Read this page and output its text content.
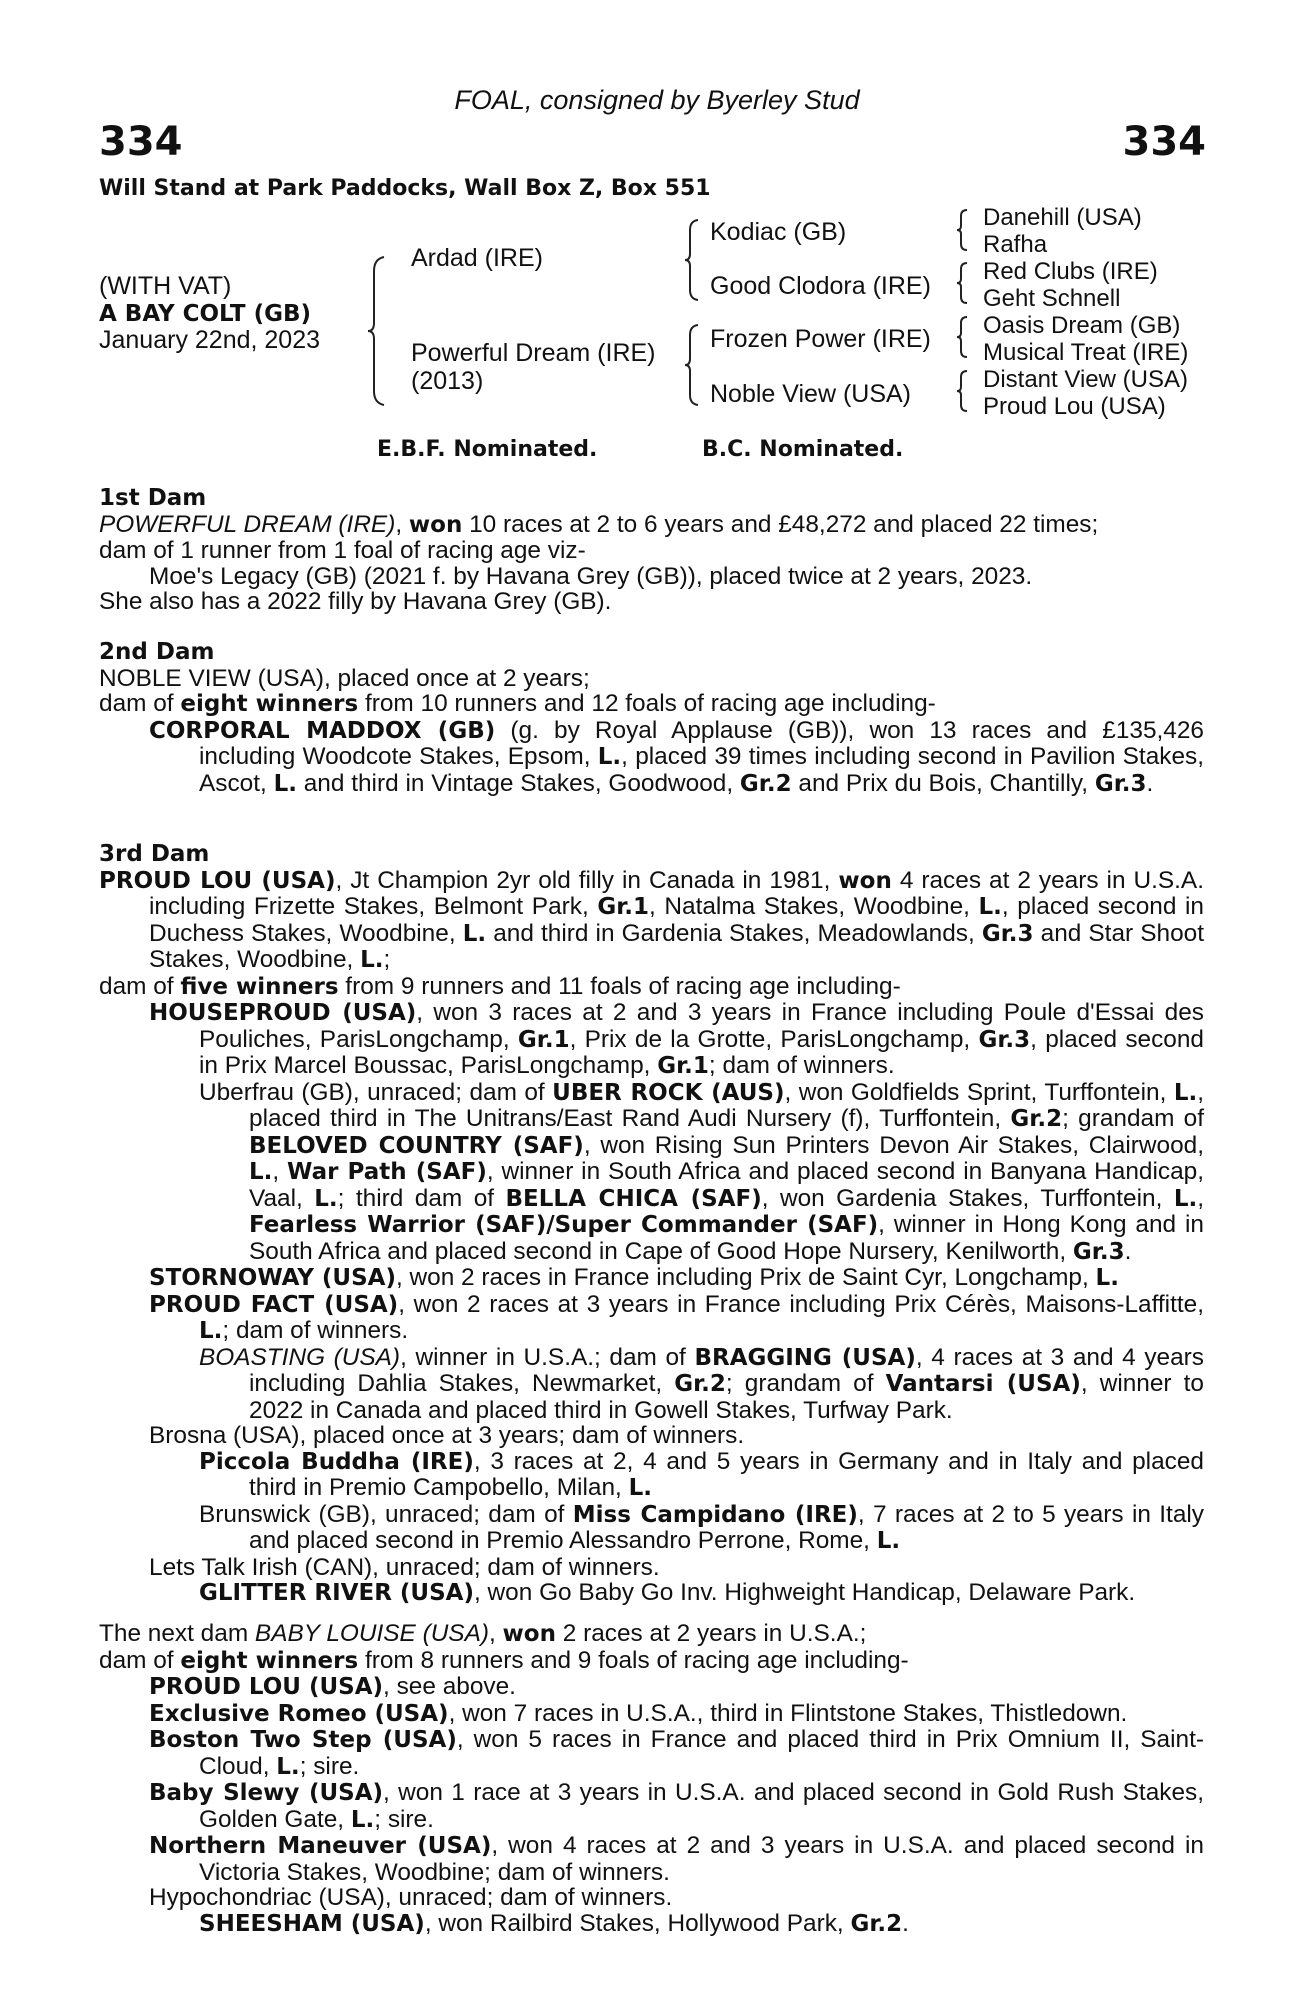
334	334
FOAL, consigned by Byerley Stud
Will Stand at Park Paddocks, Wall Box Z, Box 551
(WITH VAT)
A BAY COLT (GB)
January 22nd, 2023
Ardad (IRE)
Powerful Dream (IRE)
(2013)
Kodiac (GB)
Good Clodora (IRE)
Frozen Power (IRE)
Noble View (USA)
Danehill (USA)
Rafha
Red Clubs (IRE)
Geht Schnell
Oasis Dream (GB)
Musical Treat (IRE)
Distant View (USA)
Proud Lou (USA)
E.B.F. Nominated.	B.C. Nominated.

1st Dam

POWERFUL DREAM (IRE), won 10 races at 2 to 6 years and £48,272 and placed 22 times;

dam of 1 runner from 1 foal of racing age viz-

Moe's Legacy (GB) (2021 f. by Havana Grey (GB)), placed twice at 2 years, 2023.

She also has a 2022 filly by Havana Grey (GB).

2nd Dam

NOBLE VIEW (USA), placed once at 2 years;

dam of eight winners from 10 runners and 12 foals of racing age including-

CORPORAL MADDOX (GB) (g. by Royal Applause (GB)), won 13 races and £135,426 including Woodcote Stakes, Epsom, L., placed 39 times including second in Pavilion Stakes, Ascot, L. and third in Vintage Stakes, Goodwood, Gr.2 and Prix du Bois, Chantilly, Gr.3.

3rd Dam

PROUD LOU (USA), Jt Champion 2yr old filly in Canada in 1981, won 4 races at 2 years in U.S.A. including Frizette Stakes, Belmont Park, Gr.1, Natalma Stakes, Woodbine, L., placed second in Duchess Stakes, Woodbine, L. and third in Gardenia Stakes, Meadowlands, Gr.3 and Star Shoot Stakes, Woodbine, L.;

dam of five winners from 9 runners and 11 foals of racing age including-

HOUSEPROUD (USA), won 3 races at 2 and 3 years in France including Poule d'Essai des Pouliches, ParisLongchamp, Gr.1, Prix de la Grotte, ParisLongchamp, Gr.3, placed second in Prix Marcel Boussac, ParisLongchamp, Gr.1; dam of winners.

Uberfrau (GB), unraced; dam of UBER ROCK (AUS), won Goldfields Sprint, Turffontein, L., placed third in The Unitrans/East Rand Audi Nursery (f), Turffontein, Gr.2; grandam of BELOVED COUNTRY (SAF), won Rising Sun Printers Devon Air Stakes, Clairwood, L., War Path (SAF), winner in South Africa and placed second in Banyana Handicap, Vaal, L.; third dam of BELLA CHICA (SAF), won Gardenia Stakes, Turffontein, L., Fearless Warrior (SAF)/Super Commander (SAF), winner in Hong Kong and in South Africa and placed second in Cape of Good Hope Nursery, Kenilworth, Gr.3.

STORNOWAY (USA), won 2 races in France including Prix de Saint Cyr, Longchamp, L.

PROUD FACT (USA), won 2 races at 3 years in France including Prix Cérès, Maisons-Laffitte, L.; dam of winners.

BOASTING (USA), winner in U.S.A.; dam of BRAGGING (USA), 4 races at 3 and 4 years including Dahlia Stakes, Newmarket, Gr.2; grandam of Vantarsi (USA), winner to 2022 in Canada and placed third in Gowell Stakes, Turfway Park.

Brosna (USA), placed once at 3 years; dam of winners.

Piccola Buddha (IRE), 3 races at 2, 4 and 5 years in Germany and in Italy and placed third in Premio Campobello, Milan, L.

Brunswick (GB), unraced; dam of Miss Campidano (IRE), 7 races at 2 to 5 years in Italy and placed second in Premio Alessandro Perrone, Rome, L.

Lets Talk Irish (CAN), unraced; dam of winners.

GLITTER RIVER (USA), won Go Baby Go Inv. Highweight Handicap, Delaware Park.

The next dam BABY LOUISE (USA), won 2 races at 2 years in U.S.A.;

dam of eight winners from 8 runners and 9 foals of racing age including-

PROUD LOU (USA), see above.

Exclusive Romeo (USA), won 7 races in U.S.A., third in Flintstone Stakes, Thistledown.

Boston Two Step (USA), won 5 races in France and placed third in Prix Omnium II, Saint-Cloud, L.; sire.

Baby Slewy (USA), won 1 race at 3 years in U.S.A. and placed second in Gold Rush Stakes, Golden Gate, L.; sire.

Northern Maneuver (USA), won 4 races at 2 and 3 years in U.S.A. and placed second in Victoria Stakes, Woodbine; dam of winners.

Hypochondriac (USA), unraced; dam of winners.

SHEESHAM (USA), won Railbird Stakes, Hollywood Park, Gr.2.
